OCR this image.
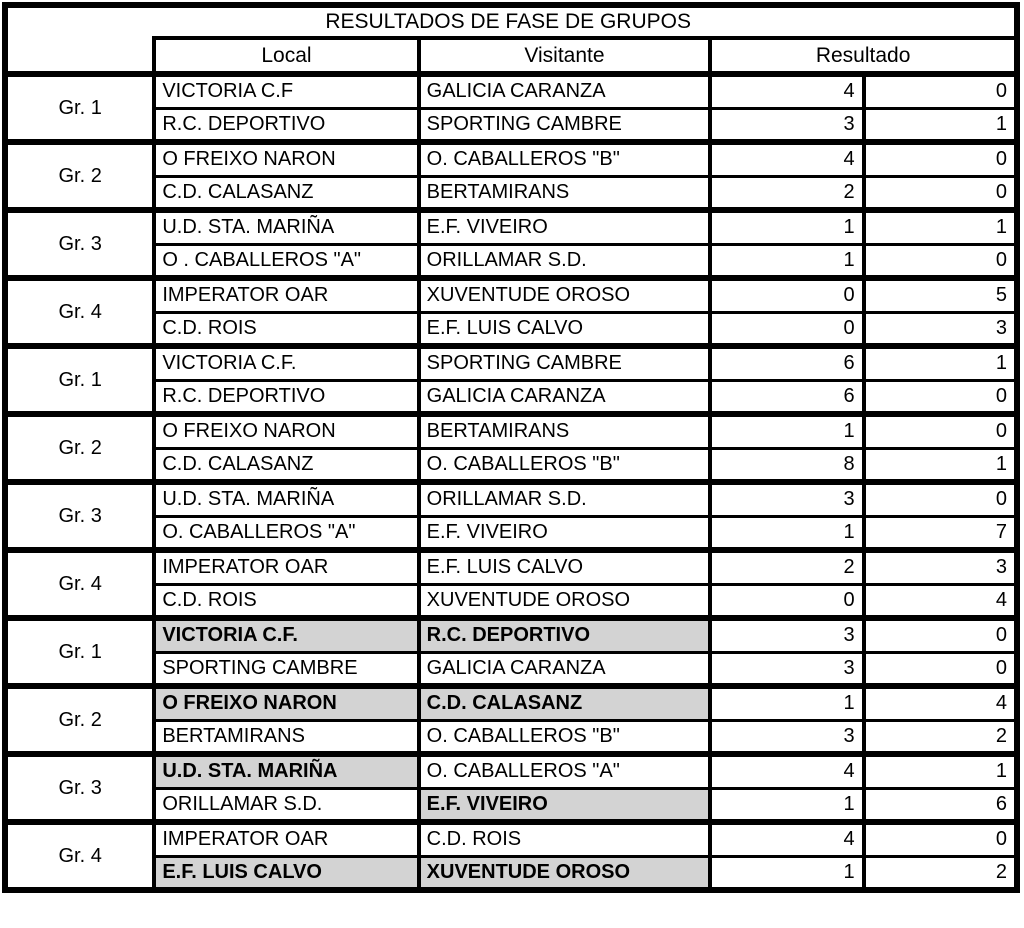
	RESULTADOS DE FASE DE GRUPOS			
	Local	Visitante	Resultado	
Gr. 1	VICTORIA C.F	GALICIA CARANZA	4	0
	R.C. DEPORTIVO	SPORTING CAMBRE	3	1
Gr. 2	O FREIXO NARON	O. CABALLEROS "B"	4	0
	C.D. CALASANZ	BERTAMIRANS	2	0
Gr. 3	U.D. STA. MARIÑA	E.F. VIVEIRO	1	1
	O . CABALLEROS "A"	ORILLAMAR S.D.	1	0
Gr. 4	IMPERATOR OAR	XUVENTUDE OROSO	0	5
	C.D. ROIS	E.F. LUIS CALVO	0	3
Gr. 1	VICTORIA C.F.	SPORTING CAMBRE	6	1
	R.C. DEPORTIVO	GALICIA CARANZA	6	0
Gr. 2	O FREIXO NARON	BERTAMIRANS	1	0
	C.D. CALASANZ	O. CABALLEROS "B"	8	1
Gr. 3	U.D. STA. MARIÑA	ORILLAMAR S.D.	3	0
	O. CABALLEROS "A"	E.F. VIVEIRO	1	7
Gr. 4	IMPERATOR OAR	E.F. LUIS CALVO	2	3
	C.D. ROIS	XUVENTUDE OROSO	0	4
Gr. 1	VICTORIA C.F.	R.C. DEPORTIVO	3	0
	SPORTING CAMBRE	GALICIA CARANZA	3	0
Gr. 2	O FREIXO NARON	C.D. CALASANZ	1	4
	BERTAMIRANS	O. CABALLEROS "B"	3	2
Gr. 3	U.D. STA. MARIÑA	O. CABALLEROS "A"	4	1
	ORILLAMAR S.D.	E.F. VIVEIRO	1	6
Gr. 4	IMPERATOR OAR	C.D. ROIS	4	0
	E.F. LUIS CALVO	XUVENTUDE OROSO	1	2
